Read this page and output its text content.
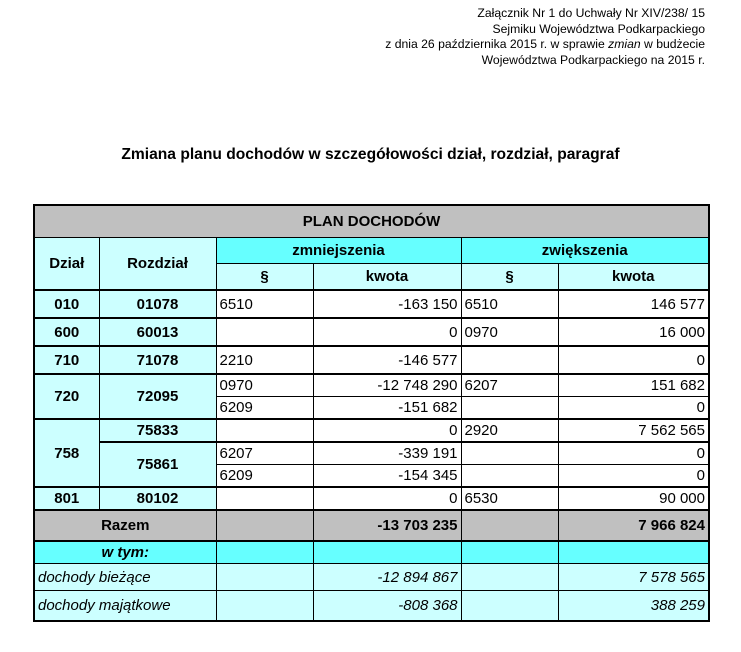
Załącznik Nr 1 do Uchwały Nr XIV/238/ 15
Sejmiku Województwa Podkarpackiego
z dnia 26 października 2015 r. w sprawie zmian w budżecie
Województwa Podkarpackiego na 2015 r.
Zmiana planu dochodów w szczegółowości dział, rozdział, paragraf
PLAN DOCHODÓW					
Dział	Rozdział	zmniejszenia		zwiększenia	
		§	kwota	§	kwota
010	01078	6510	-163 150	6510	146 577
600	60013		0	0970	16 000
710	71078	2210	-146 577		0
720	72095	0970	-12 748 290	6207	151 682
		6209	-151 682		0
758	75833		0	2920	7 562 565
	75861	6207	-339 191		0
		6209	-154 345		0
801	80102		0	6530	90 000
Razem			-13 703 235		7 966 824
w tym:					
dochody bieżące			-12 894 867		7 578 565
dochody majątkowe			-808 368		388 259
